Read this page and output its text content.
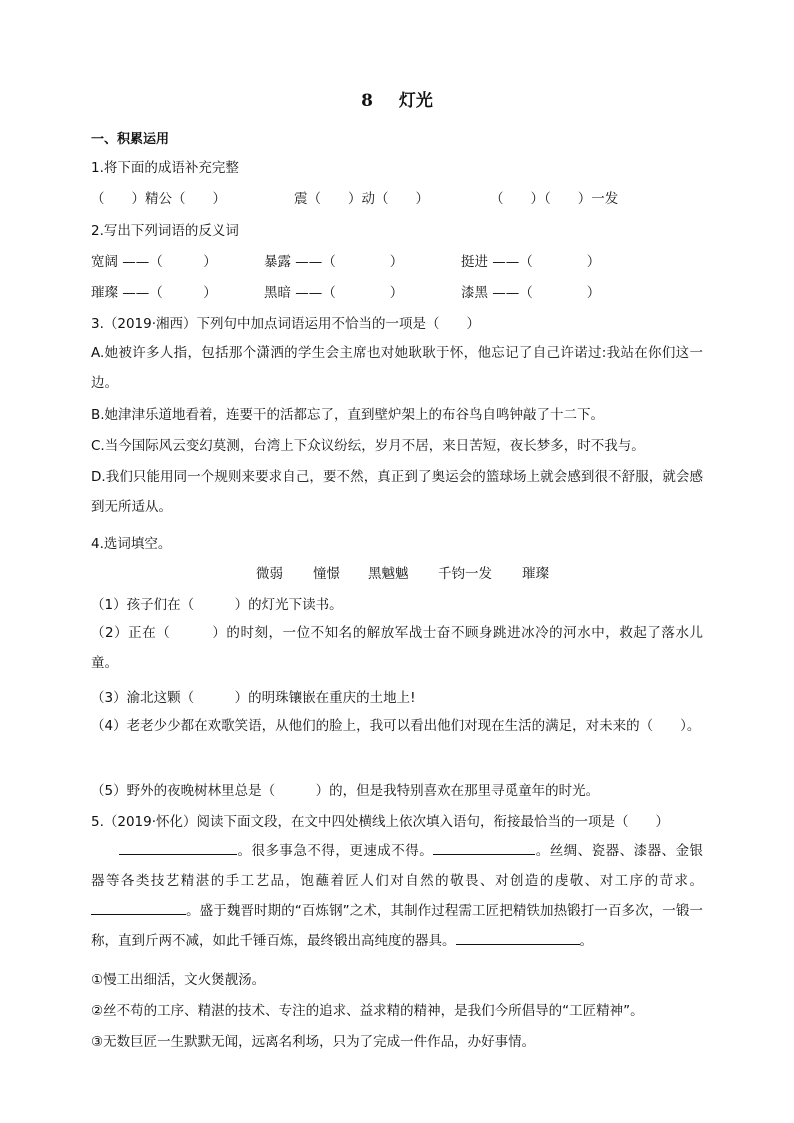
8 灯光
一、积累运用
1.将下面的成语补充完整
（　　）精公（　　）	震（　　）动（　　）	（　　）（　　）一发
2.写出下列词语的反义词
宽阔 ——（　　　）	暴露 ——（　　　　）	挺进 ——（　　　　）
璀璨 ——（　　　）	黑暗 ——（　　　　）	漆黑 ——（　　　　）
3.（2019·湘西）下列句中加点词语运用不恰当的一项是（　　）
A.她被许多人指，包括那个潇洒的学生会主席也对她耿耿于怀，他忘记了自己许诺过:我站在你们这一边。
B.她津津乐道地看着，连要干的活都忘了，直到壁炉架上的布谷鸟自鸣钟敲了十二下。
C.当今国际风云变幻莫测，台湾上下众议纷纭，岁月不居，来日苦短，夜长梦多，时不我与。
D.我们只能用同一个规则来要求自己，要不然，真正到了奥运会的篮球场上就会感到很不舒服，就会感到无所适从。
4.选词填空。
微弱 憧憬 黑魆魆 千钧一发 璀璨
（1）孩子们在（　　　）的灯光下读书。
（2）正在（　　　）的时刻，一位不知名的解放军战士奋不顾身跳进冰冷的河水中，救起了落水儿童。
（3）渝北这颗（　　　）的明珠镶嵌在重庆的土地上!
（4）老老少少都在欢歌笑语，从他们的脸上，我可以看出他们对现在生活的满足，对未来的（　　）。
（5）野外的夜晚树林里总是（　　　）的，但是我特别喜欢在那里寻觅童年的时光。
5.（2019·怀化）阅读下面文段，在文中四处横线上依次填入语句，衔接最恰当的一项是（　　）
。很多事急不得，更速成不得。	。丝绸、瓷器、漆器、金银器等各类技艺精湛的手工艺品，饱蘸着匠人们对自然的敬畏、对创造的虔敬、对工序的苛求。。盛于魏晋时期的“百炼钢”之术，其制作过程需工匠把精铁加热锻打一百多次，一锻一称，直到斤两不减，如此千锤百炼，最终锻出高纯度的器具。	。
①慢工出细活，文火煲靓汤。
②丝不苟的工序、精湛的技术、专注的追求、益求精的精神，是我们今所倡导的“工匠精神”。
③无数巨匠一生默默无闻，远离名利场，只为了完成一件作品，办好事情。
